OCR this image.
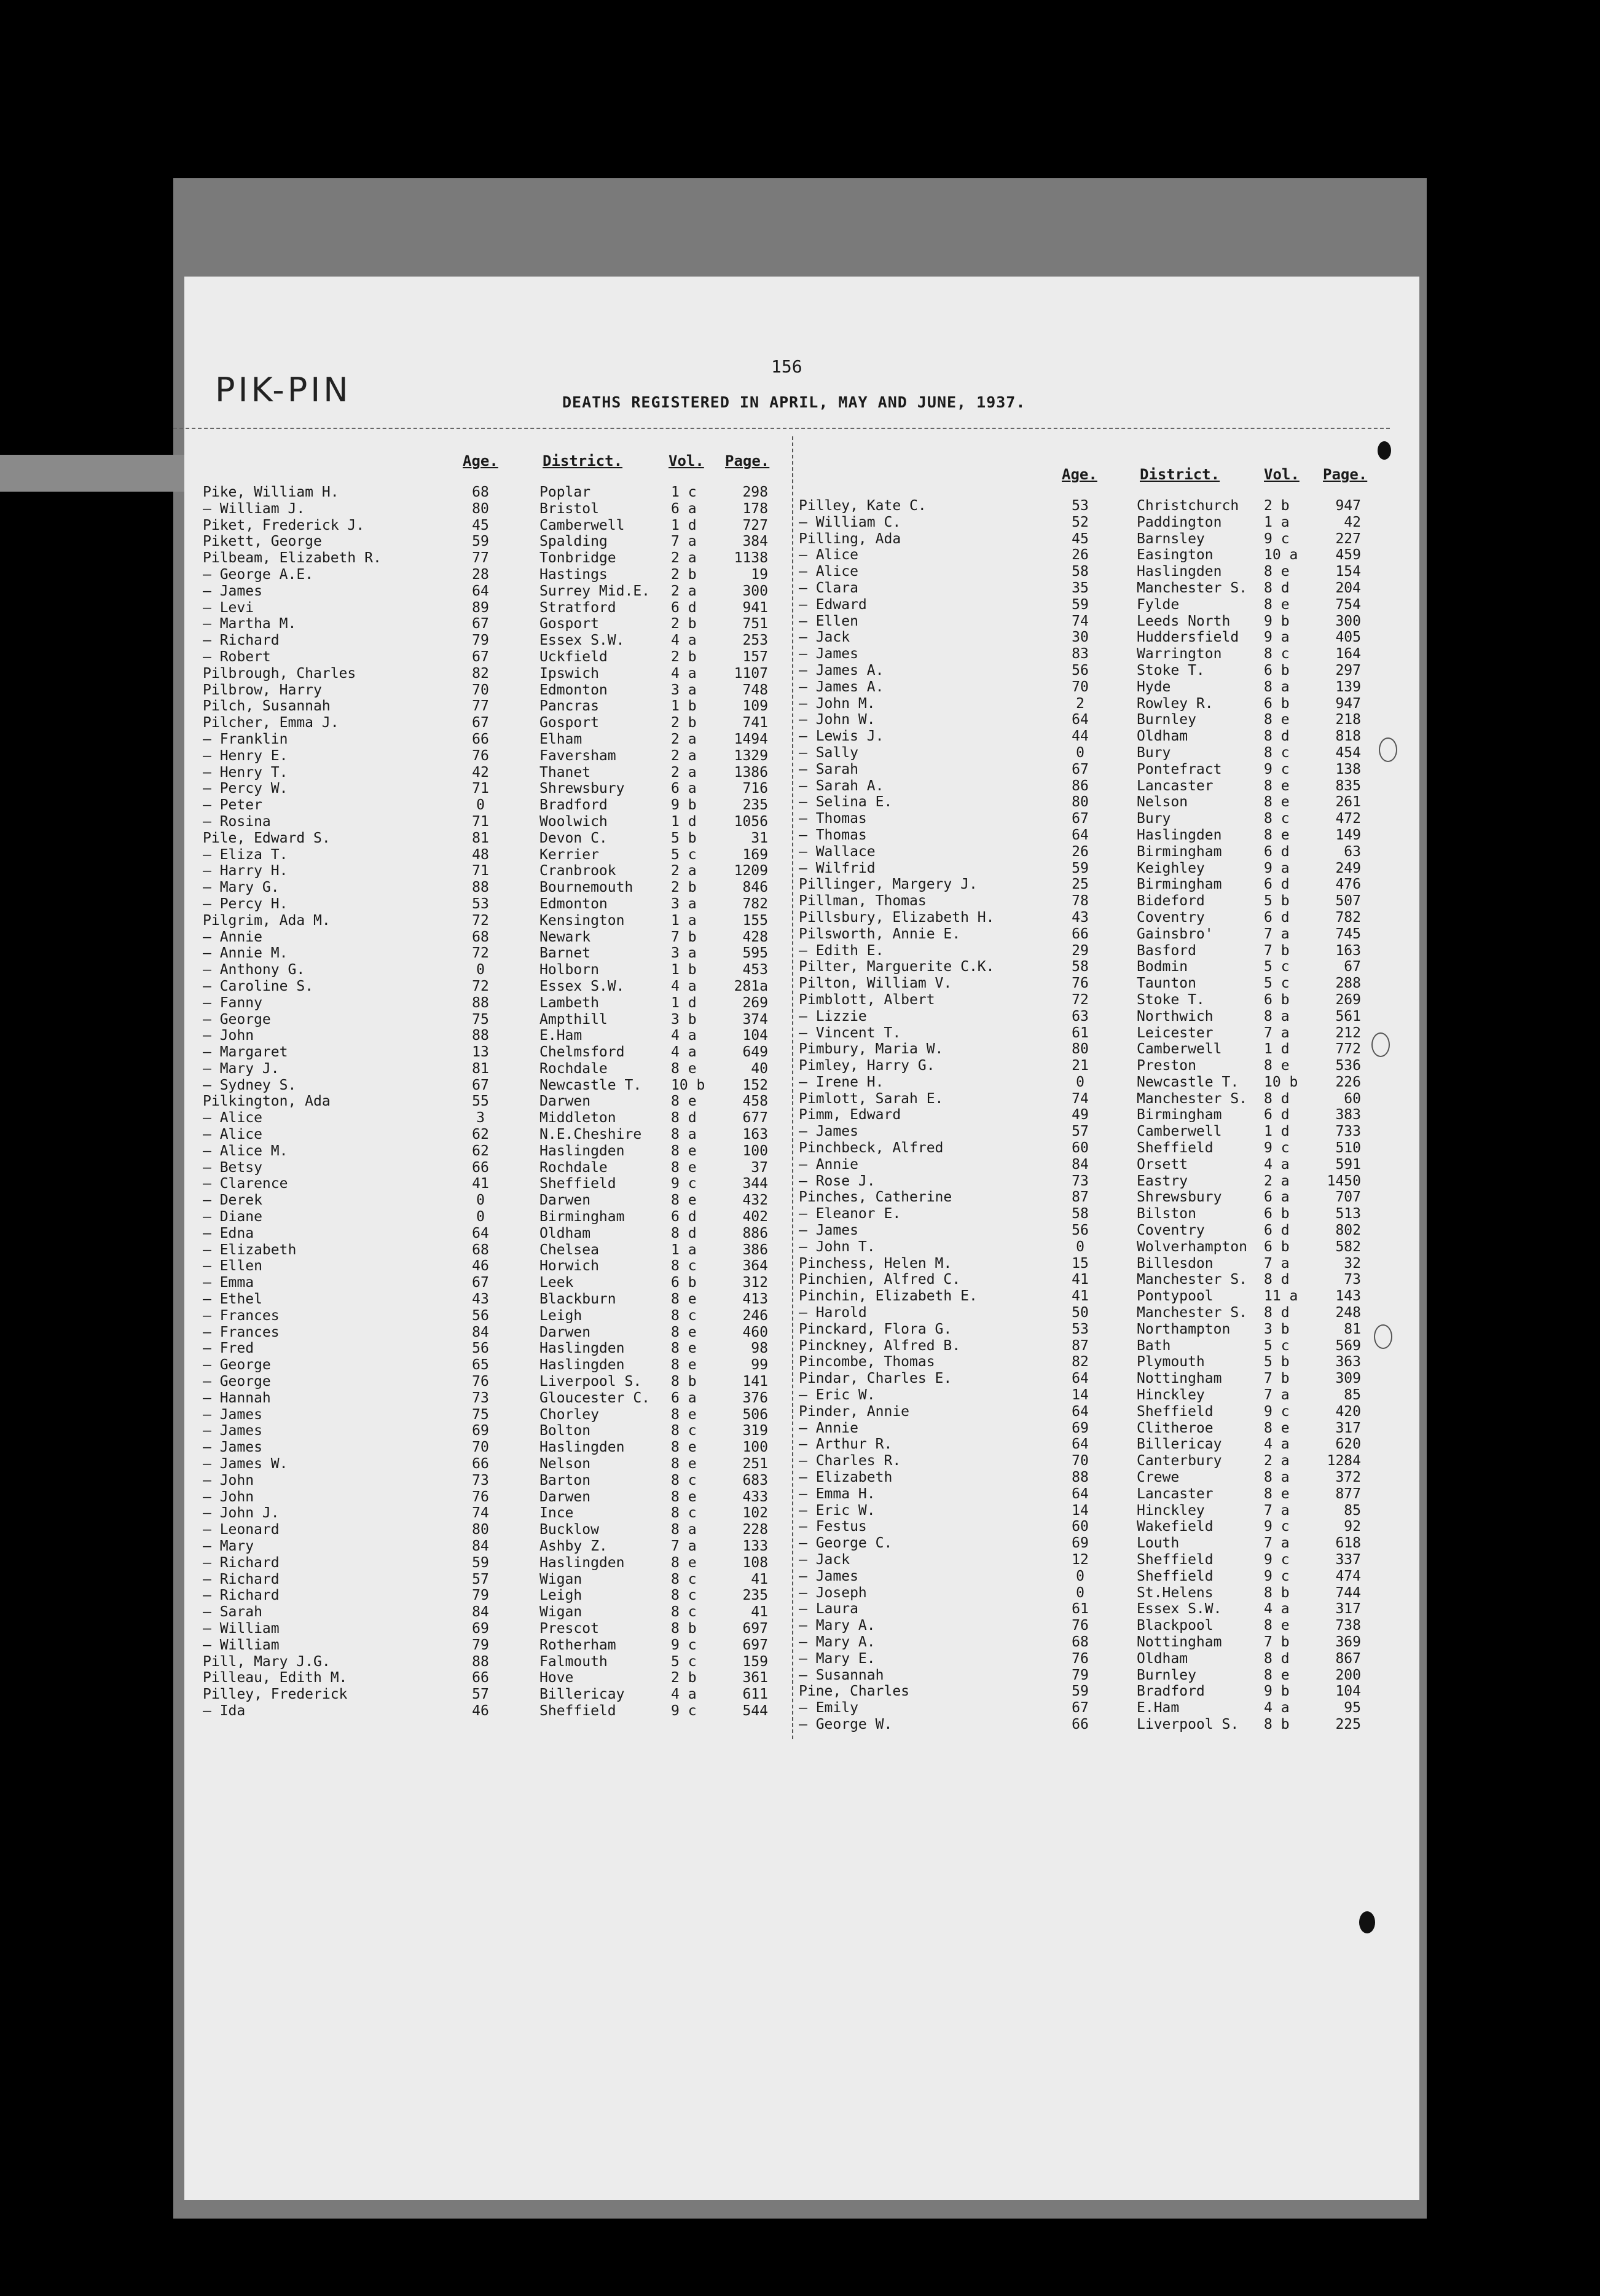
PIK-PIN
156
DEATHS REGISTERED IN APRIL, MAY AND JUNE, 1937.
Age.	District.	Vol. Page.
Pike, William H.	68	Poplar	1 c	298
— William J.	80	Bristol	6 a	178
Piket, Frederick J.	45	Camberwell	1 d	727
Pikett, George	59	Spalding	7 a	384
Pilbeam, Elizabeth R.	77	Tonbridge	2 a	1138
— George A.E.	28	Hastings	2 b	19
— James	64	Surrey Mid.E. 2 a	300
— Levi	89	Stratford	6 d	941
— Martha M.	67	Gosport	2 b	751
— Richard	79	Essex S.W.	4 a	253
— Robert	67	Uckfield	2 b	157
Pilbrough, Charles	82	Ipswich	4 a	1107
Pilbrow, Harry	70	Edmonton	3 a	748
Pilch, Susannah	77	Pancras	1 b	109
Pilcher, Emma J.	67	Gosport	2 b	741
— Franklin	66	Elham	2 a	1494
— Henry E.	76	Faversham	2 a	1329
— Henry T.	42	Thanet	2 a	1386
— Percy W.	71	Shrewsbury	6 a	716
— Peter	0	Bradford	9 b	235
— Rosina	71	Woolwich	1 d	1056
Pile, Edward S.	81	Devon C.	5 b	31
— Eliza T.	48	Kerrier	5 c	169
— Harry H.	71	Cranbrook	2 a	1209
— Mary G.	88	Bournemouth	2 b	846
— Percy H.	53	Edmonton	3 a	782
Pilgrim, Ada M.	72	Kensington	1 a	155
— Annie	68	Newark	7 b	428
— Annie M.	72	Barnet	3 a	595
— Anthony G.	0	Holborn	1 b	453
— Caroline S.	72	Essex S.W.	4 a	281a
— Fanny	88	Lambeth	1 d	269
— George	75	Ampthill	3 b	374
— John	88	E.Ham	4 a	104
— Margaret	13	Chelmsford	4 a	649
— Mary J.	81	Rochdale	8 e	40
— Sydney S.	67	Newcastle T. 10 b	152
Pilkington, Ada	55	Darwen	8 e	458
— Alice	3	Middleton	8 d	677
— Alice	62	N.E.Cheshire 8 a	163
— Alice M.	62	Haslingden	8 e	100
— Betsy	66	Rochdale	8 e	37
— Clarence	41	Sheffield	9 c	344
— Derek	0	Darwen	8 e	432
— Diane	0	Birmingham	6 d	402
— Edna	64	Oldham	8 d	886
— Elizabeth	68	Chelsea	1 a	386
— Ellen	46	Horwich	8 c	364
— Emma	67	Leek	6 b	312
— Ethel	43	Blackburn	8 e	413
— Frances	56	Leigh	8 c	246
— Frances	84	Darwen	8 e	460
— Fred	56	Haslingden	8 e	98
— George	65	Haslingden	8 e	99
— George	76	Liverpool S. 8 b	141
— Hannah	73	Gloucester C. 6 a	376
— James	75	Chorley	8 e	506
— James	69	Bolton	8 c	319
— James	70	Haslingden	8 e	100
— James W.	66	Nelson	8 e	251
— John	73	Barton	8 c	683
— John	76	Darwen	8 e	433
— John J.	74	Ince	8 c	102
— Leonard	80	Bucklow	8 a	228
— Mary	84	Ashby Z.	7 a	133
— Richard	59	Haslingden	8 e	108
— Richard	57	Wigan	8 c	41
— Richard	79	Leigh	8 c	235
— Sarah	84	Wigan	8 c	41
— William	69	Prescot	8 b	697
— William	79	Rotherham	9 c	697
Pill, Mary J.G.	88	Falmouth	5 c	159
Pilleau, Edith M.	66	Hove	2 b	361
Pilley, Frederick	57	Billericay	4 a	611
— Ida	46	Sheffield	9 c	544
Age.	District.	Vol. Page.
Pilley, Kate C.	53	Christchurch 2 b	947
— William C.	52	Paddington	1 a	42
Pilling, Ada	45	Barnsley	9 c	227
— Alice	26	Easington	10 a	459
— Alice	58	Haslingden	8 e	154
— Clara	35	Manchester S. 8 d	204
— Edward	59	Fylde	8 e	754
— Ellen	74	Leeds North 9 b	300
— Jack	30	Huddersfield 9 a	405
— James	83	Warrington	8 c	164
— James A.	56	Stoke T.	6 b	297
— James A.	70	Hyde	8 a	139
— John M.	2	Rowley R.	6 b	947
— John W.	64	Burnley	8 e	218
— Lewis J.	44	Oldham	8 d	818
— Sally	0	Bury	8 c	454
— Sarah	67	Pontefract	9 c	138
— Sarah A.	86	Lancaster	8 e	835
— Selina E.	80	Nelson	8 e	261
— Thomas	67	Bury	8 c	472
— Thomas	64	Haslingden	8 e	149
— Wallace	26	Birmingham	6 d	63
— Wilfrid	59	Keighley	9 a	249
Pillinger, Margery J.	25	Birmingham	6 d	476
Pillman, Thomas	78	Bideford	5 b	507
Pillsbury, Elizabeth H.	43	Coventry	6 d	782
Pilsworth, Annie E.	66	Gainsbro'	7 a	745
— Edith E.	29	Basford	7 b	163
Pilter, Marguerite C.K.	58	Bodmin	5 c	67
Pilton, William V.	76	Taunton	5 c	288
Pimblott, Albert	72	Stoke T.	6 b	269
— Lizzie	63	Northwich	8 a	561
— Vincent T.	61	Leicester	7 a	212
Pimbury, Maria W.	80	Camberwell	1 d	772
Pimley, Harry G.	21	Preston	8 e	536
— Irene H.	0	Newcastle T. 10 b	226
Pimlott, Sarah E.	74	Manchester S. 8 d	60
Pimm, Edward	49	Birmingham	6 d	383
— James	57	Camberwell	1 d	733
Pinchbeck, Alfred	60	Sheffield	9 c	510
— Annie	84	Orsett	4 a	591
— Rose J.	73	Eastry	2 a	1450
Pinches, Catherine	87	Shrewsbury	6 a	707
— Eleanor E.	58	Bilston	6 b	513
— James	56	Coventry	6 d	802
— John T.	0	Wolverhampton 6 b	582
Pinchess, Helen M.	15	Billesdon	7 a	32
Pinchien, Alfred C.	41	Manchester S. 8 d	73
Pinchin, Elizabeth E.	41	Pontypool	11 a	143
— Harold	50	Manchester S. 8 d	248
Pinckard, Flora G.	53	Northampton 3 b	81
Pinckney, Alfred B.	87	Bath	5 c	569
Pincombe, Thomas	82	Plymouth	5 b	363
Pindar, Charles E.	64	Nottingham	7 b	309
— Eric W.	14	Hinckley	7 a	85
Pinder, Annie	64	Sheffield	9 c	420
— Annie	69	Clitheroe	8 e	317
— Arthur R.	64	Billericay	4 a	620
— Charles R.	70	Canterbury	2 a	1284
— Elizabeth	88	Crewe	8 a	372
— Emma H.	64	Lancaster	8 e	877
— Eric W.	14	Hinckley	7 a	85
— Festus	60	Wakefield	9 c	92
— George C.	69	Louth	7 a	618
— Jack	12	Sheffield	9 c	337
— James	0	Sheffield	9 c	474
— Joseph	0	St.Helens	8 b	744
— Laura	61	Essex S.W.	4 a	317
— Mary A.	76	Blackpool	8 e	738
— Mary A.	68	Nottingham	7 b	369
— Mary E.	76	Oldham	8 d	867
— Susannah	79	Burnley	8 e	200
Pine, Charles	59	Bradford	9 b	104
— Emily	67	E.Ham	4 a	95
— George W.	66	Liverpool S. 8 b	225
